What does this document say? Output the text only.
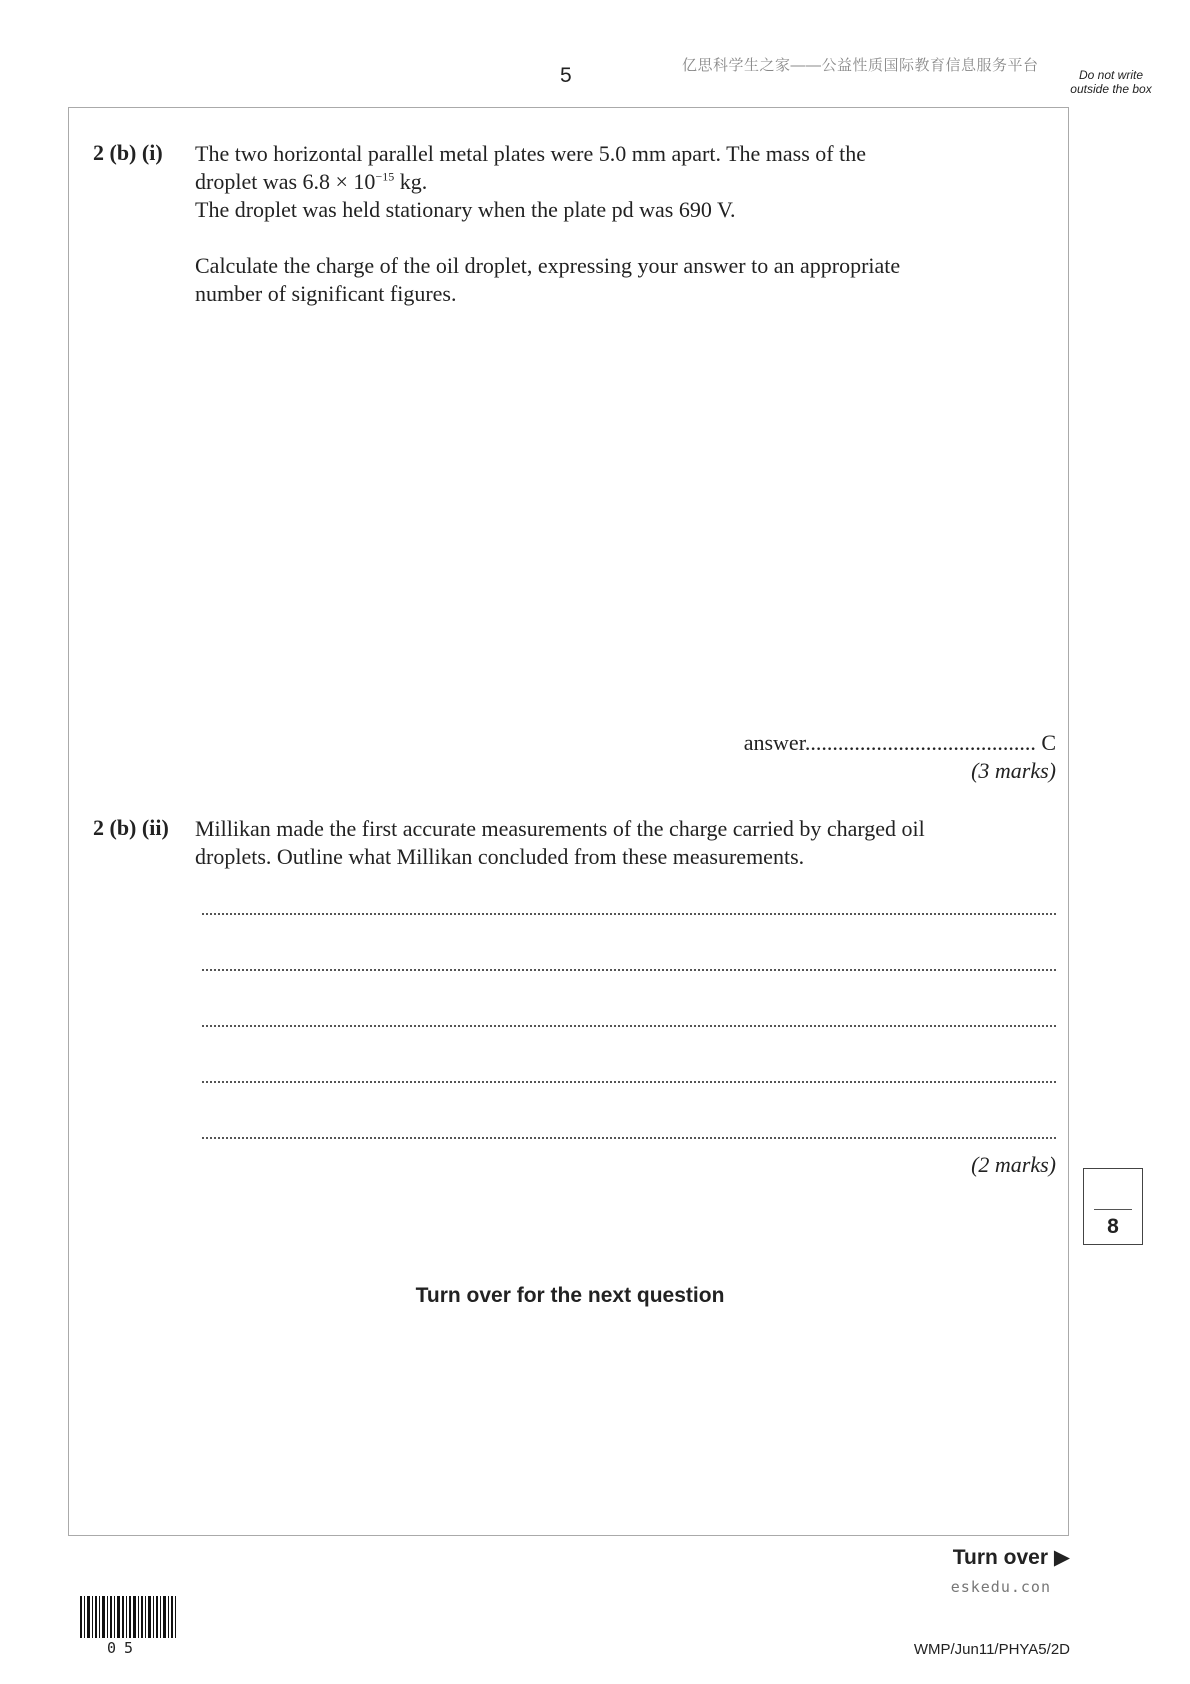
5	亿思科学生之家——公益性质国际教育信息服务平台
Do not write outside the box
2 (b) (i) The two horizontal parallel metal plates were 5.0 mm apart. The mass of the

droplet was $6.8 \times 10^{-15}$ kg.

The droplet was held stationary when the plate pd was 690 V.

Calculate the charge of the oil droplet, expressing your answer to an appropriate

number of significant figures.

answer.......................................... C
(3 marks)
2 (b) (ii) Millikan made the first accurate measurements of the charge carried by charged oil

droplets. Outline what Millikan concluded from these measurements.

(2 marks)
8
Turn over for the next question
Turn over ▶
eskedu.con
05	WMP/Jun11/PHYA5/2D
